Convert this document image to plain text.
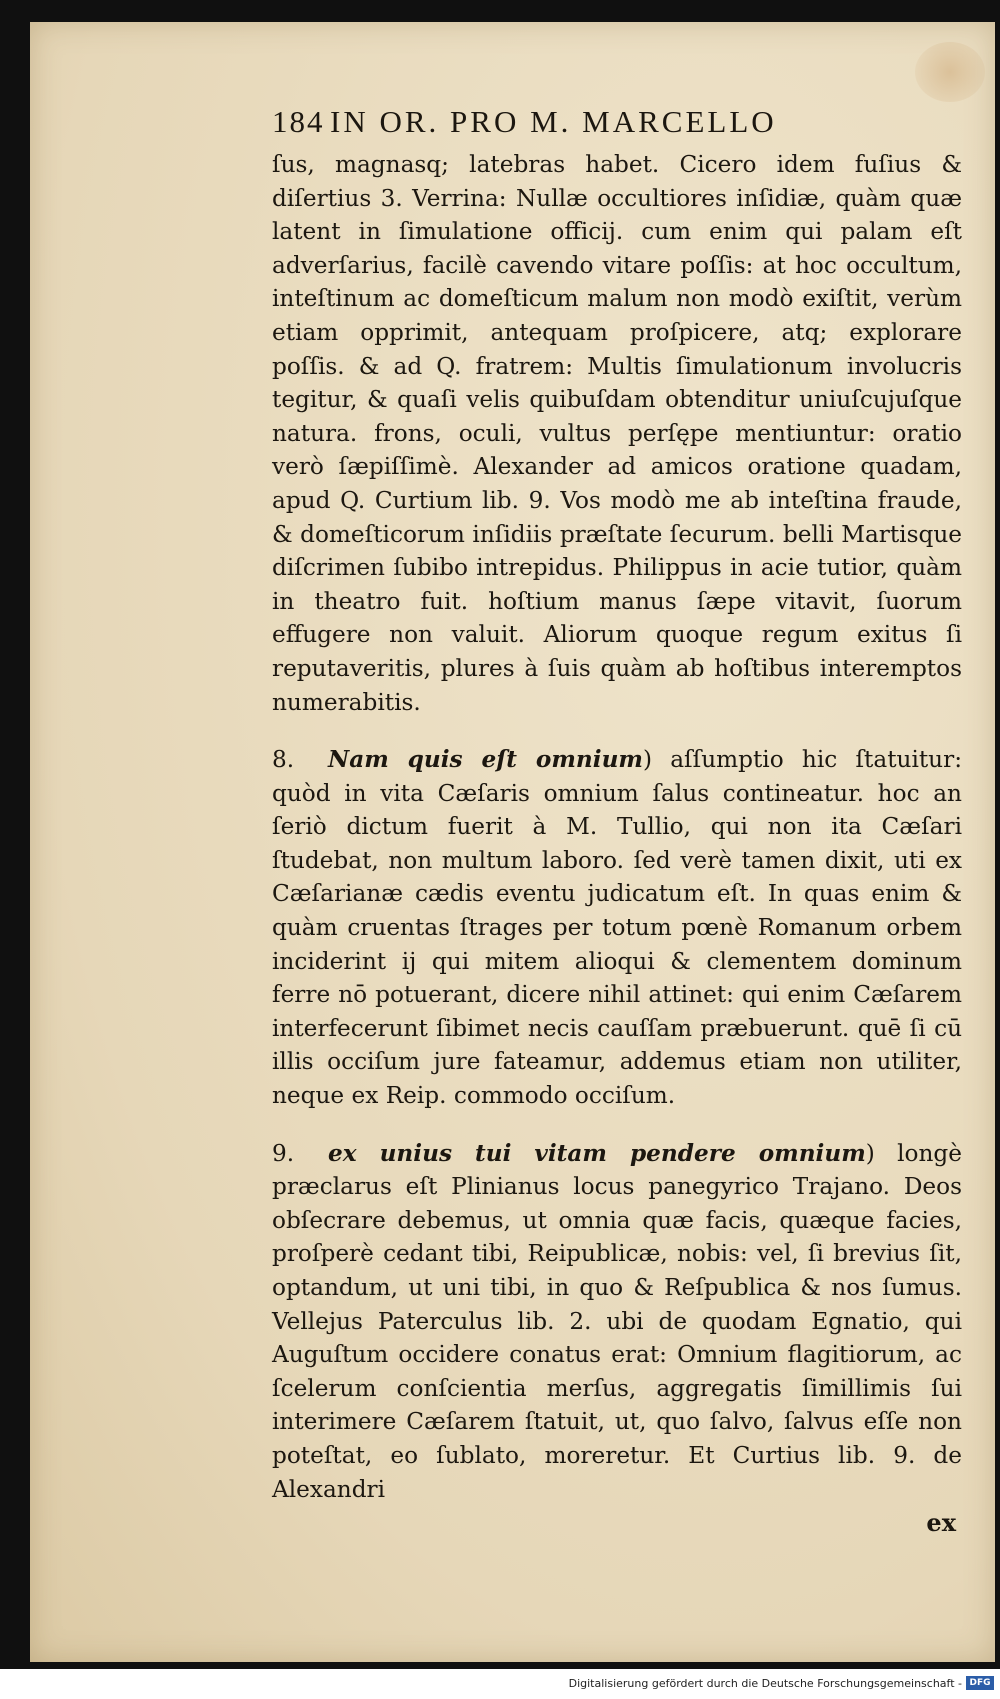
184 IN OR. PRO M. MARCELLO

ſus, magnasq; latebras habet. Cicero idem fuſius & diſertius 3. Verrina: Nullæ occultiores inſidiæ, quàm quæ latent in ſimulatione officij. cum enim qui palam eſt adverſarius, facilè cavendo vitare poſſis: at hoc occultum, inteſtinum ac domeſticum malum non modò exiſtit, verùm etiam opprimit, antequam proſpicere, atq; explorare poſſis. & ad Q. fratrem: Multis ſimulationum involucris tegitur, & quaſi velis quibuſdam obtenditur uniuſcujuſque natura. frons, oculi, vultus perſępe mentiuntur: oratio verò ſæpiſſimè. Alexander ad amicos oratione quadam, apud Q. Curtium lib. 9. Vos modò me ab inteſtina fraude, & domeſticorum inſidiis præſtate ſecurum. belli Martisque diſcrimen ſubibo intrepidus. Philippus in acie tutior, quàm in theatro fuit. hoſtium manus ſæpe vitavit, ſuorum effugere non valuit. Aliorum quoque regum exitus ſi reputaveritis, plures à ſuis quàm ab hoſtibus interemptos numerabitis.

8. Nam quis eſt omnium) aſſumptio hic ſtatuitur: quòd in vita Cæſaris omnium ſalus contineatur. hoc an ſeriò dictum fuerit à M. Tullio, qui non ita Cæſari ſtudebat, non multum laboro. ſed verè tamen dixit, uti ex Cæſarianæ cædis eventu judicatum eſt. In quas enim & quàm cruentas ſtrages per totum pœnè Romanum orbem inciderint ij qui mitem alioqui & clementem dominum ferre nō potuerant, dicere nihil attinet: qui enim Cæſarem interfecerunt ſibimet necis cauſſam præbuerunt. quē ſi cū illis occiſum jure fateamur, addemus etiam non utiliter, neque ex Reip. commodo occiſum.

9. ex unius tui vitam pendere omnium) longè præclarus eſt Plinianus locus panegyrico Trajano. Deos obſecrare debemus, ut omnia quæ facis, quæque facies, proſperè cedant tibi, Reipublicæ, nobis: vel, ſi brevius ſit, optandum, ut uni tibi, in quo & Reſpublica & nos ſumus. Vellejus Paterculus lib. 2. ubi de quodam Egnatio, qui Auguſtum occidere conatus erat: Omnium flagitiorum, ac ſcelerum conſcientia merſus, aggregatis ſimillimis ſui interimere Cæſarem ſtatuit, ut, quo ſalvo, ſalvus eſſe non poteſtat, eo ſublato, moreretur. Et Curtius lib. 9. de Alexandri

ex
Digitalisierung gefördert durch die Deutsche Forschungsgemeinschaft - DFG
